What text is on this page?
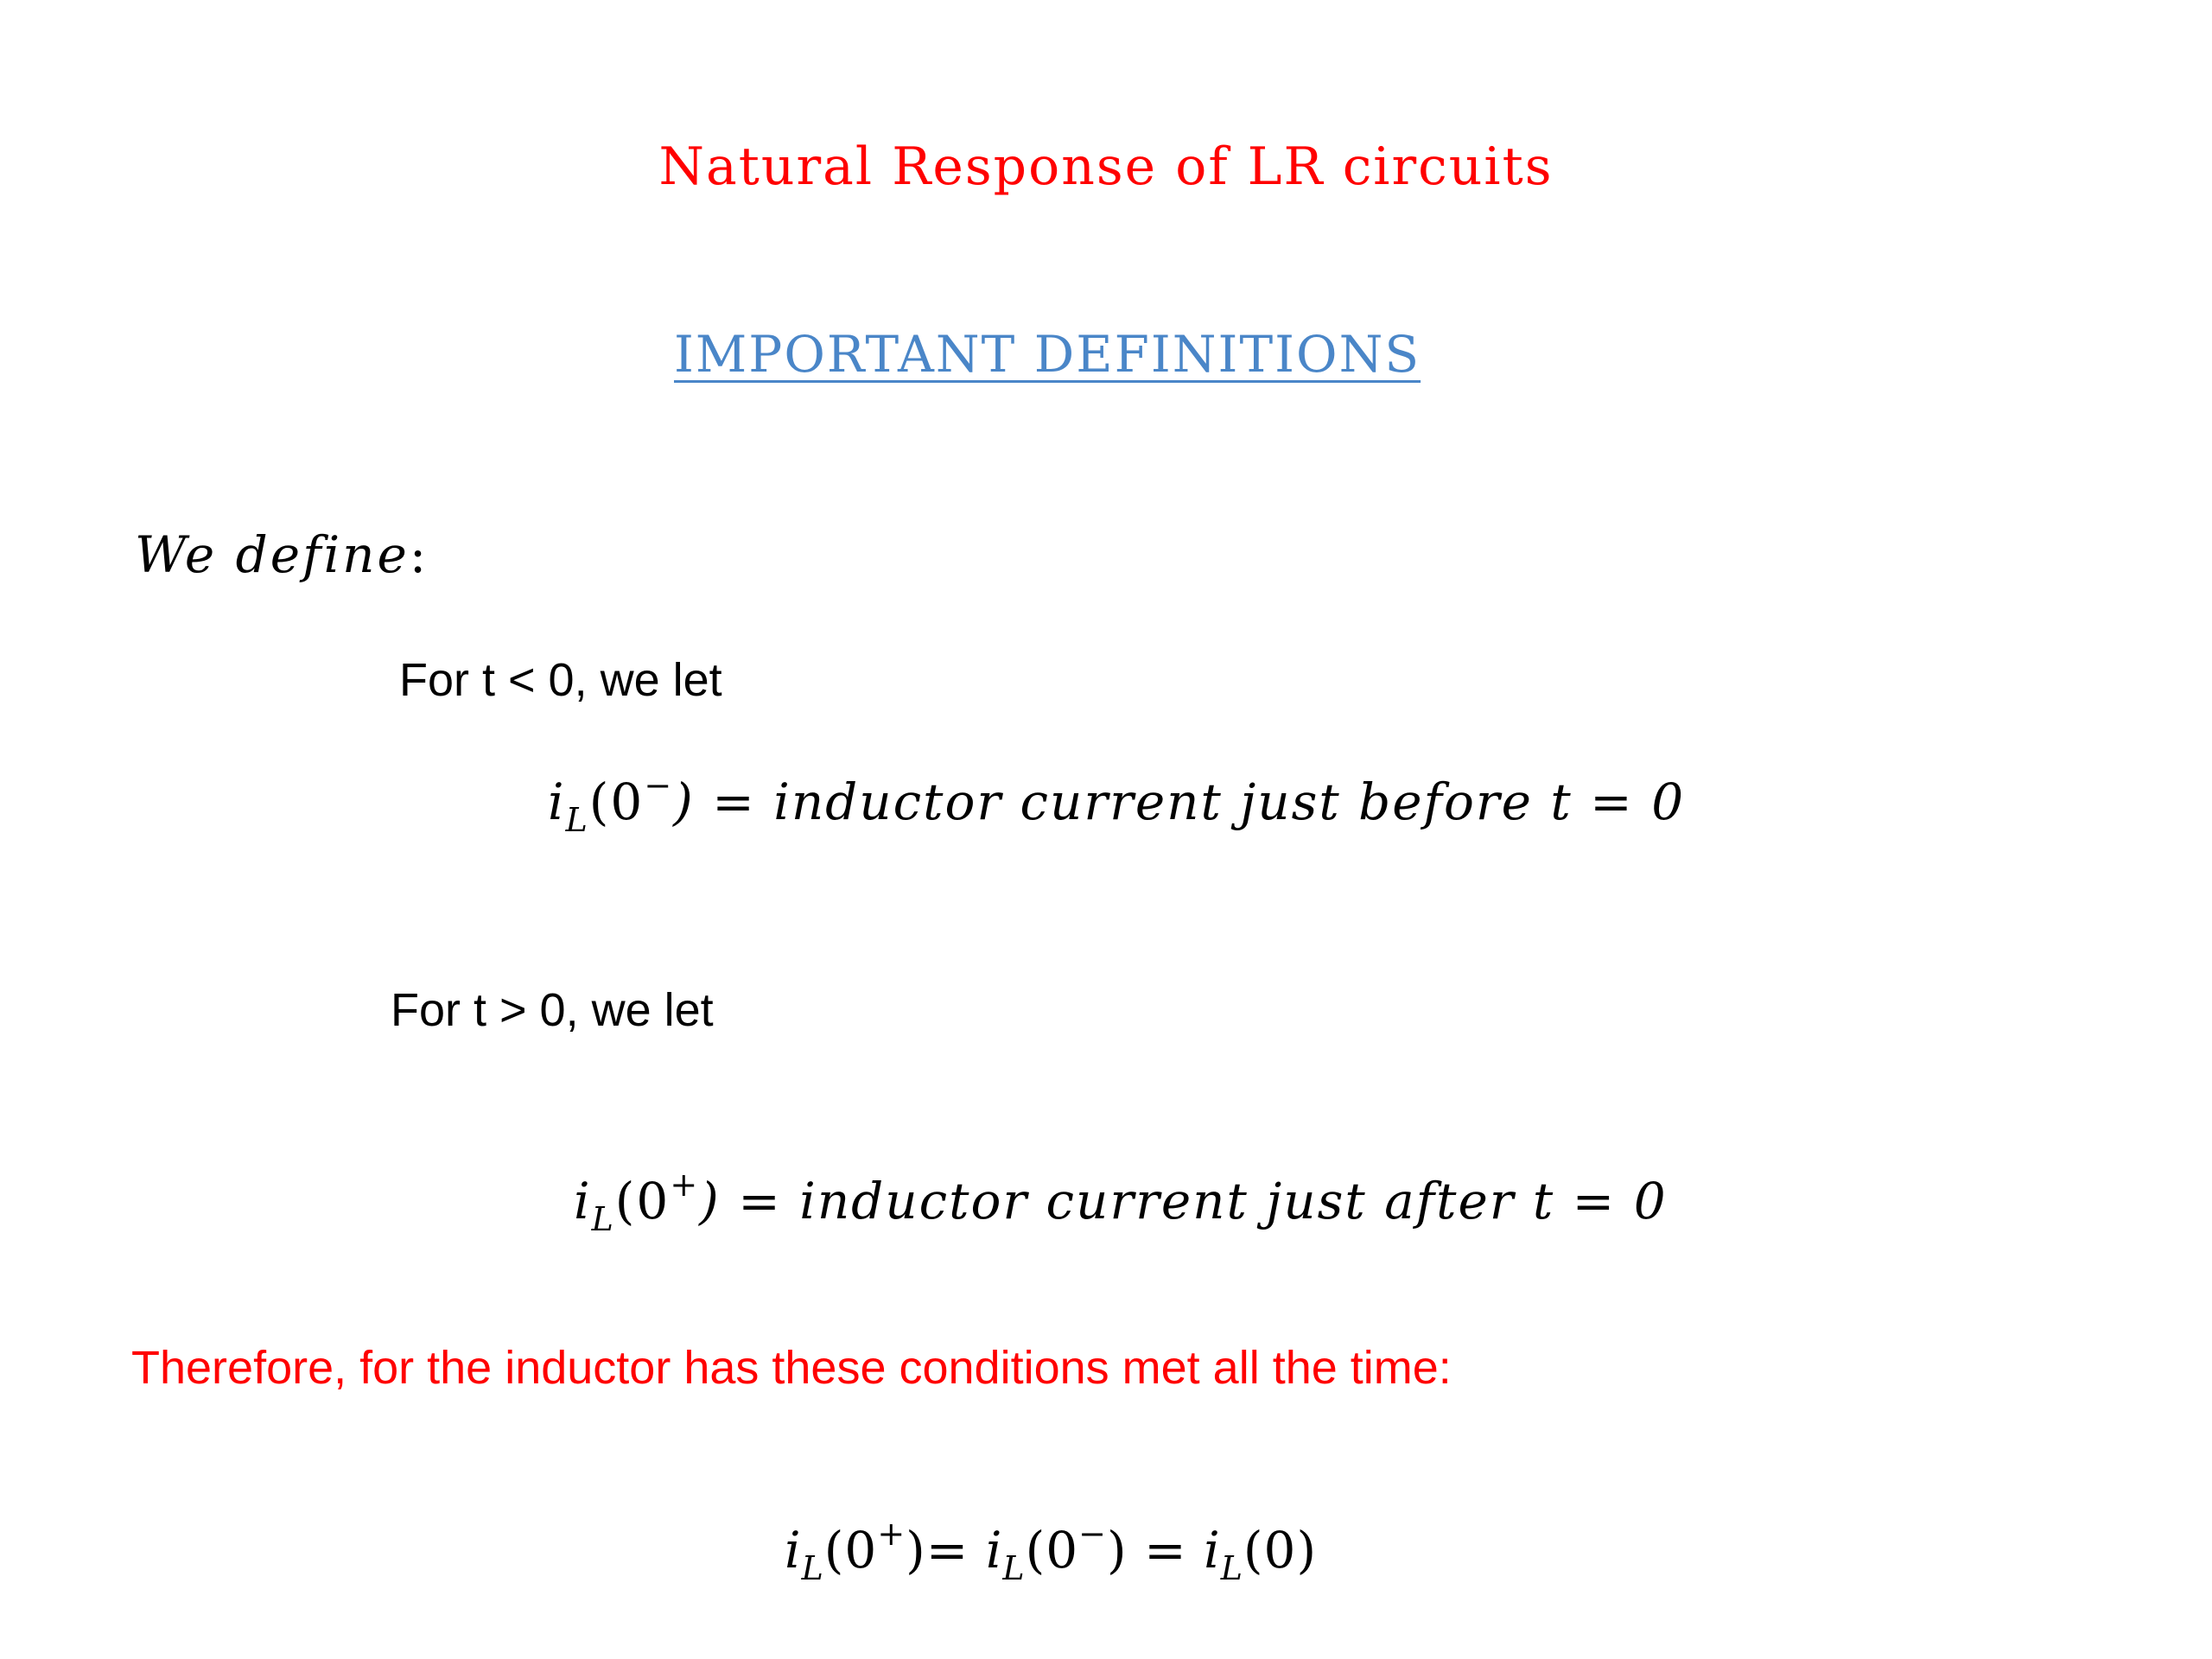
Natural Response of LR circuits
IMPORTANT DEFINITIONS
We define:
For t < 0, we let
$i_L(0^-)$ = inductor current just before t = 0
For t > 0, we let
$i_L(0^+)$ = inductor current just after t = 0
Therefore, for the inductor has these conditions met all the time:
$i_L(0^+)= i_L(0^-) = i_L(0)$
